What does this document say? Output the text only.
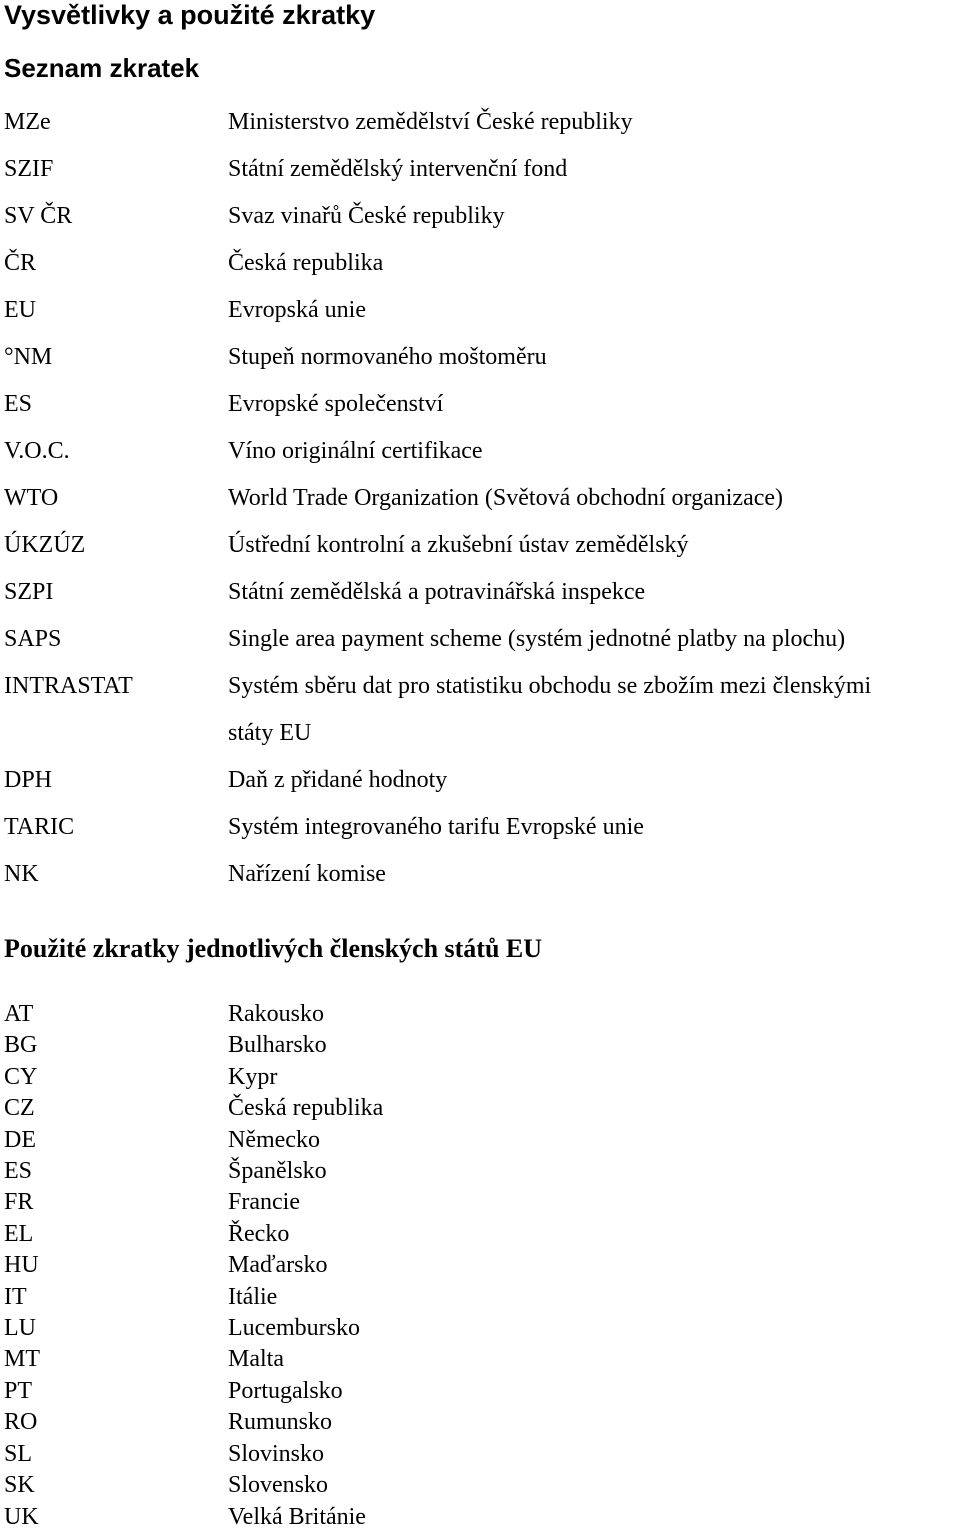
Vysvětlivky a použité zkratky
Seznam zkratek
MZe	Ministerstvo zemědělství České republiky
SZIF	Státní zemědělský intervenční fond
SV ČR	Svaz vinařů České republiky
ČR	Česká republika
EU	Evropská unie
°NM	Stupeň normovaného moštoměru
ES	Evropské společenství
V.O.C.	Víno originální certifikace
WTO	World Trade Organization (Světová obchodní organizace)
ÚKZÚZ	Ústřední kontrolní a zkušební ústav zemědělský
SZPI	Státní zemědělská a potravinářská inspekce
SAPS	Single area payment scheme (systém jednotné platby na plochu)
INTRASTAT	Systém sběru dat pro statistiku obchodu se zbožím mezi členskými
státy EU
DPH	Daň z přidané hodnoty
TARIC	Systém integrovaného tarifu Evropské unie
NK	Nařízení komise
Použité zkratky jednotlivých členských států EU
AT	Rakousko
BG	Bulharsko
CY	Kypr
CZ	Česká republika
DE	Německo
ES	Španělsko
FR	Francie
EL	Řecko
HU	Maďarsko
IT	Itálie
LU	Lucembursko
MT	Malta
PT	Portugalsko
RO	Rumunsko
SL	Slovinsko
SK	Slovensko
UK	Velká Británie
